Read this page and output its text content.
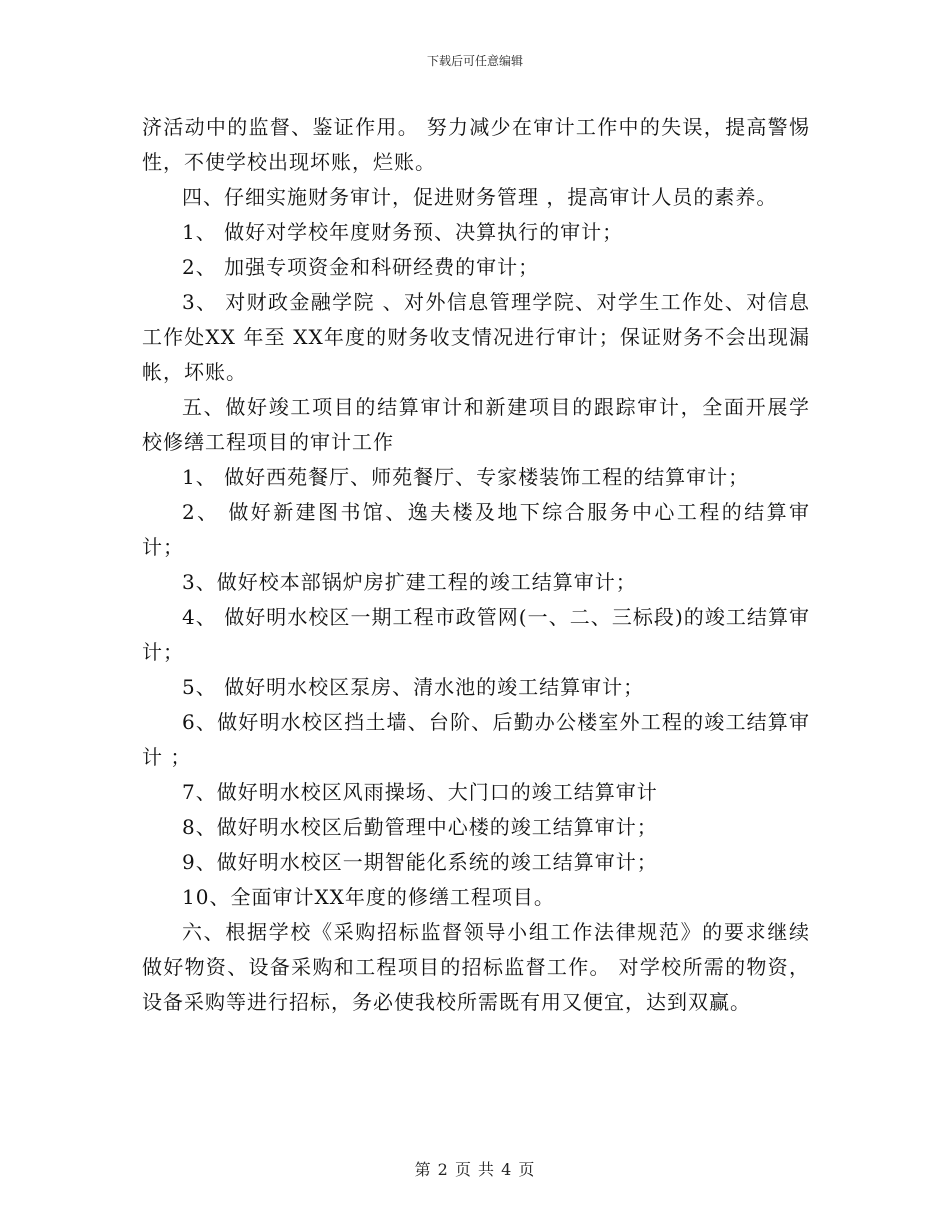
下载后可任意编辑

济活动中的监督、鉴证作用。 努力减少在审计工作中的失误，提高警惕性，不使学校出现坏账，烂账。

四、仔细实施财务审计，促进财务管理 ，提高审计人员的素养。

1、 做好对学校年度财务预、决算执行的审计；

2、 加强专项资金和科研经费的审计；

3、 对财政金融学院 、对外信息管理学院、对学生工作处、对信息工作处XX 年至 XX年度的财务收支情况进行审计；保证财务不会出现漏帐，坏账。

五、做好竣工项目的结算审计和新建项目的跟踪审计，全面开展学校修缮工程项目的审计工作

1、 做好西苑餐厅、师苑餐厅、专家楼装饰工程的结算审计；

2、 做好新建图书馆、逸夫楼及地下综合服务中心工程的结算审计；

3、做好校本部锅炉房扩建工程的竣工结算审计；

4、 做好明水校区一期工程市政管网(一、二、三标段)的竣工结算审计；

5、 做好明水校区泵房、清水池的竣工结算审计；

6、做好明水校区挡土墙、台阶、后勤办公楼室外工程的竣工结算审计 ；

7、做好明水校区风雨操场、大门口的竣工结算审计

8、做好明水校区后勤管理中心楼的竣工结算审计；

9、做好明水校区一期智能化系统的竣工结算审计；

10、全面审计XX年度的修缮工程项目。

六、根据学校《采购招标监督领导小组工作法律规范》的要求继续做好物资、设备采购和工程项目的招标监督工作。 对学校所需的物资，设备采购等进行招标，务必使我校所需既有用又便宜，达到双赢。

第 2 页 共 4 页
